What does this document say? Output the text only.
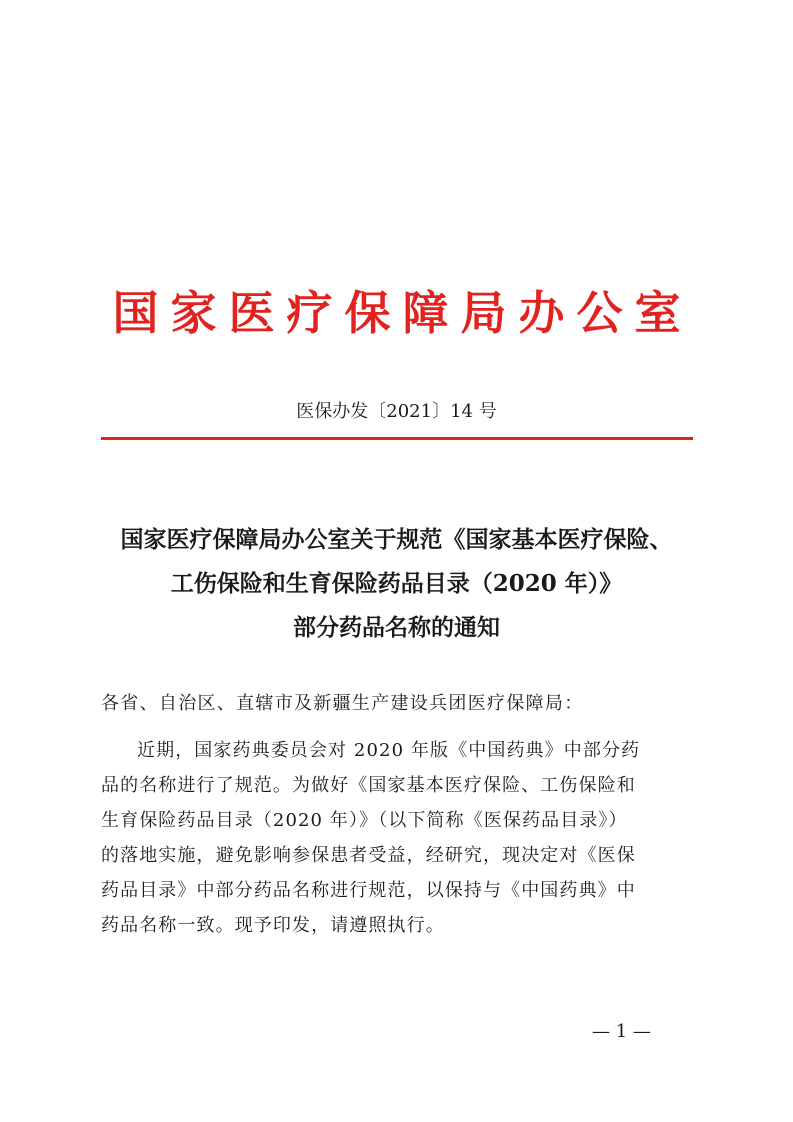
国家医疗保障局办公室
医保办发〔2021〕14 号
国家医疗保障局办公室关于规范《国家基本医疗保险、
工伤保险和生育保险药品目录（2020 年）》
部分药品名称的通知
各省、自治区、直辖市及新疆生产建设兵团医疗保障局：
近期，国家药典委员会对 2020 年版《中国药典》中部分药
品的名称进行了规范。为做好《国家基本医疗保险、工伤保险和
生育保险药品目录（2020 年）》（以下简称《医保药品目录》）
的落地实施，避免影响参保患者受益，经研究，现决定对《医保
药品目录》中部分药品名称进行规范，以保持与《中国药典》中
药品名称一致。现予印发，请遵照执行。
— 1 —
